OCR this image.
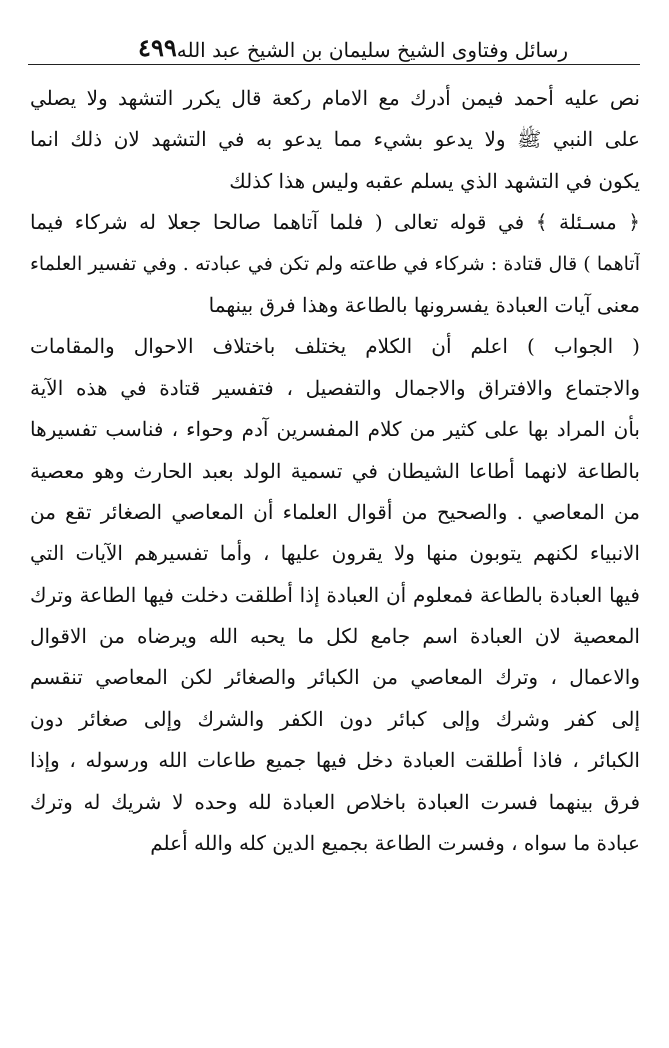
رسائل وفتاوى الشيخ سليمان بن الشيخ عبد الله
٤٩٩
نص عليه أحمد فيمن أدرك مع الامام ركعة قال يكرر التشهد ولا يصلي
على النبي ﷺ ولا يدعو بشيء مما يدعو به في التشهد لان ذلك انما
يكون في التشهد الذي يسلم عقبه وليس هذا كذلك
﴿ مسـئلة ﴾ في قوله تعالى ( فلما آتاهما صالحا جعلا له شركاء فيما
آتاهما ) قال قتادة : شركاء في طاعته ولم تكن في عبادته . وفي تفسير العلماء
معنى آيات العبادة يفسرونها بالطاعة وهذا فرق بينهما
( الجواب ) اعلم أن الكلام يختلف باختلاف الاحوال والمقامات
والاجتماع والافتراق والاجمال والتفصيل ، فتفسير قتادة في هذه الآية
بأن المراد بها على كثير من كلام المفسرين آدم وحواء ، فناسب تفسيرها
بالطاعة لانهما أطاعا الشيطان في تسمية الولد بعبد الحارث وهو معصية
من المعاصي . والصحيح من أقوال العلماء أن المعاصي الصغائر تقع من
الانبياء لكنهم يتوبون منها ولا يقرون عليها ، وأما تفسيرهم الآيات التي
فيها العبادة بالطاعة فمعلوم أن العبادة إذا أطلقت دخلت فيها الطاعة وترك
المعصية لان العبادة اسم جامع لكل ما يحبه الله ويرضاه من الاقوال
والاعمال ، وترك المعاصي من الكبائر والصغائر لكن المعاصي تنقسم
إلى كفر وشرك وإلى كبائر دون الكفر والشرك وإلى صغائر دون
الكبائر ، فاذا أطلقت العبادة دخل فيها جميع طاعات الله ورسوله ، وإذا
فرق بينهما فسرت العبادة باخلاص العبادة لله وحده لا شريك له وترك
عبادة ما سواه ، وفسرت الطاعة بجميع الدين كله والله أعلم
